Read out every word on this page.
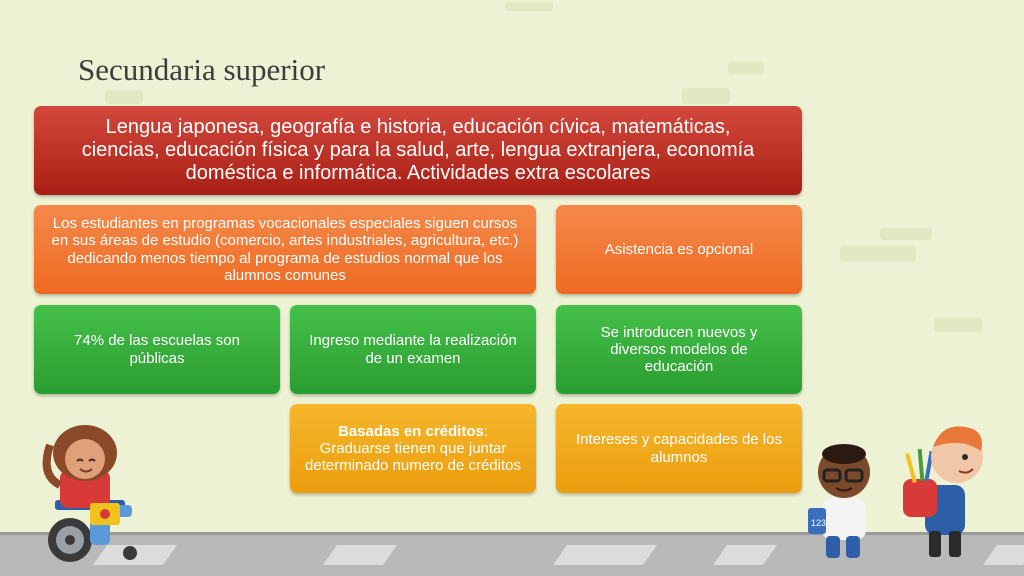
Secundaria superior
Lengua japonesa, geografía e historia, educación cívica, matemáticas, ciencias, educación física y para la salud, arte, lengua extranjera, economía doméstica e informática. Actividades extra escolares
Los estudiantes en programas vocacionales especiales siguen cursos en sus áreas de estudio (comercio, artes industriales, agricultura, etc.) dedicando menos tiempo al programa de estudios normal que los alumnos comunes
Asistencia es opcional
74% de las escuelas son públicas
Ingreso mediante la realización de un examen
Se introducen nuevos y diversos modelos de educación
Basadas en créditos: Graduarse tienen que juntar determinado numero de créditos
Intereses y capacidades de los alumnos
123
